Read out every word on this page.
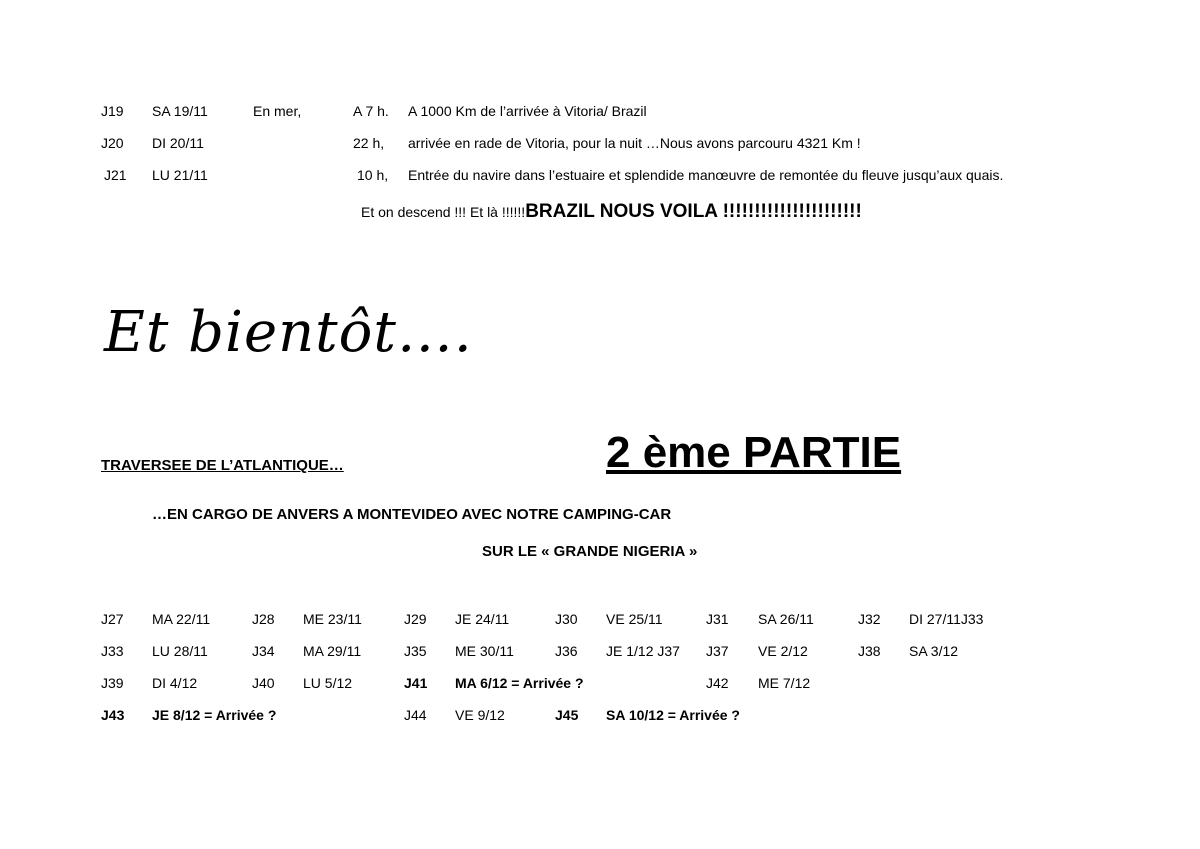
J19 SA 19/11	En mer,	A 7 h. A 1000 Km de l’arrivée à Vitoria/ Brazil
J20 DI 20/11	22 h, arrivée en rade de Vitoria, pour la nuit …Nous avons parcouru 4321 Km !
J21 LU 21/11	10 h, Entrée du navire dans l’estuaire et splendide manœuvre de remontée du fleuve jusqu’aux quais.
Et on descend !!! Et là !!!!!!BRAZIL NOUS VOILA !!!!!!!!!!!!!!!!!!!!!!
Et bientôt….
TRAVERSEE DE L’ATLANTIQUE…	2 ème PARTIE
…EN CARGO DE ANVERS A MONTEVIDEO AVEC NOTRE CAMPING-CAR
SUR LE « GRANDE NIGERIA »
J27 MA 22/11	J28 ME 23/11	J29 JE 24/11	J30 VE 25/11	J31 SA 26/11	J32 DI 27/11J33
J33 LU 28/11	J34 MA 29/11	J35 ME 30/11	J36 JE 1/12 J37 J37 VE 2/12	J38 SA 3/12
J39 DI 4/12	J40 LU 5/12	J41 MA 6/12 = Arrivée ?	J42 ME 7/12
J43 JE 8/12 = Arrivée ?	J44 VE 9/12	J45 SA 10/12 = Arrivée ?
